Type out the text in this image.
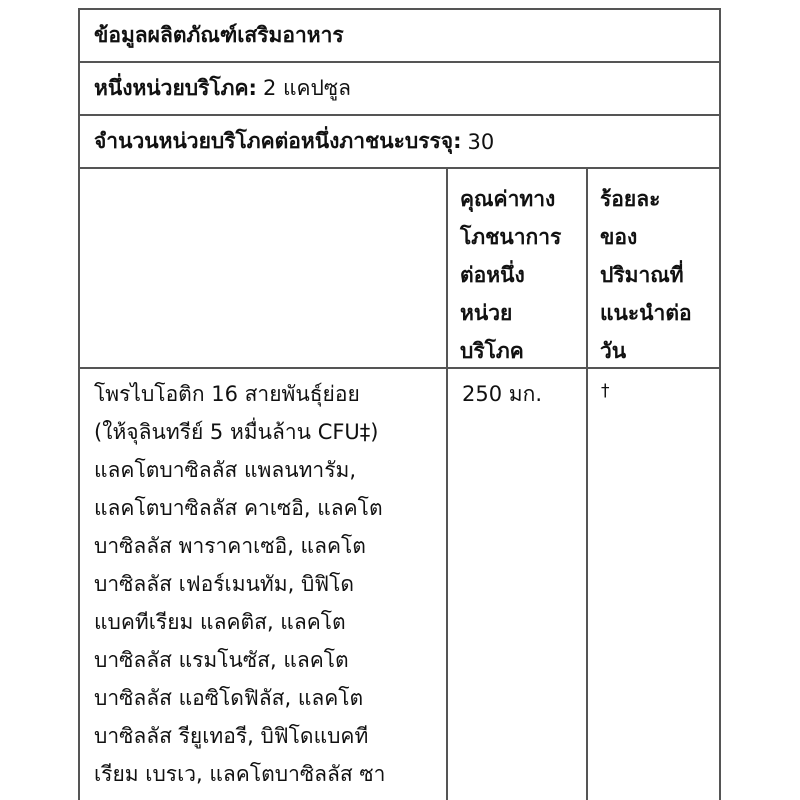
ข้อมูลผลิตภัณฑ์เสริมอาหาร
หนึ่งหน่วยบริโภค: 2 แคปซูล
จำนวนหน่วยบริโภคต่อหนึ่งภาชนะบรรจุ: 30
คุณค่าทาง
โภชนาการ
ต่อหนึ่ง
หน่วย
บริโภค
ร้อยละ
ของ
ปริมาณที่
แนะนำต่อ
วัน
โพรไบโอติก 16 สายพันธุ์ย่อย
(ให้จุลินทรีย์ 5 หมื่นล้าน CFU‡)
แลคโตบาซิลลัส แพลนทารัม,
แลคโตบาซิลลัส คาเซอิ, แลคโต
บาซิลลัส พาราคาเซอิ, แลคโต
บาซิลลัส เฟอร์เมนทัม, บิฟิโด
แบคทีเรียม แลคติส, แลคโต
บาซิลลัส แรมโนซัส, แลคโต
บาซิลลัส แอซิโดฟิลัส, แลคโต
บาซิลลัส รียูเทอรี, บิฟิโดแบคที
เรียม เบรเว, แลคโตบาซิลลัส ซา
250 มก.	†
